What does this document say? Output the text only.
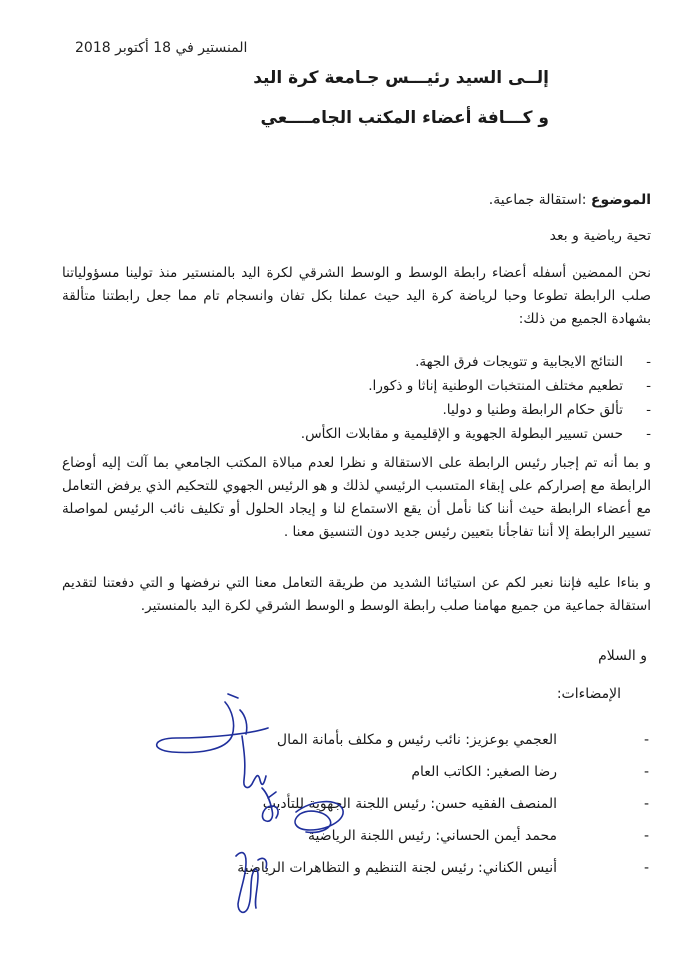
المنستير في 18 أكتوبر 2018
إلــى السيد رئيـــس جـامعة كرة اليد
و كـــافة أعضاء المكتب الجامــــعي
الموضوع :استقالة جماعية.
تحية رياضية و بعد
نحن الممضين أسفله أعضاء رابطة الوسط و الوسط الشرقي لكرة اليد بالمنستير منذ تولينا مسؤولياتنا صلب الرابطة تطوعا وحبا لرياضة كرة اليد حيث عملنا بكل تفان وانسجام تام مما جعل رابطتنا متألقة بشهادة الجميع من ذلك:
-
النتائج الايجابية و تتويجات فرق الجهة.
-
تطعيم مختلف المنتخبات الوطنية إناثا و ذكورا.
-
تألق حكام الرابطة وطنيا و دوليا.
-
حسن تسيير البطولة الجهوية و الإقليمية و مقابلات الكأس.
و بما أنه تم إجبار رئيس الرابطة على الاستقالة و نظرا لعدم مبالاة المكتب الجامعي بما آلت إليه أوضاع الرابطة مع إصراركم على إبقاء المتسبب الرئيسي لذلك و هو الرئيس الجهوي للتحكيم الذي يرفض التعامل مع أعضاء الرابطة حيث أننا كنا نأمل أن يقع الاستماع لنا و إيجاد الحلول أو تكليف نائب الرئيس لمواصلة تسيير الرابطة إلا أننا تفاجأنا بتعيين رئيس جديد دون التنسيق معنا .
و بناءا عليه فإننا نعبر لكم عن استيائنا الشديد من طريقة التعامل معنا التي نرفضها و التي دفعتنا لتقديم استقالة جماعية من جميع مهامنا صلب رابطة الوسط و الوسط الشرقي لكرة اليد بالمنستير.
و السلام
الإمضاءات:
-
العجمي بوعزيز: نائب رئيس و مكلف بأمانة المال
-
رضا الصغير: الكاتب العام
-
المنصف الفقيه حسن: رئيس اللجنة الجهوية للتأديب
-
محمد أيمن الحساني: رئيس اللجنة الرياضية
-
أنيس الكناني: رئيس لجنة التنظيم و التظاهرات الرياضية
